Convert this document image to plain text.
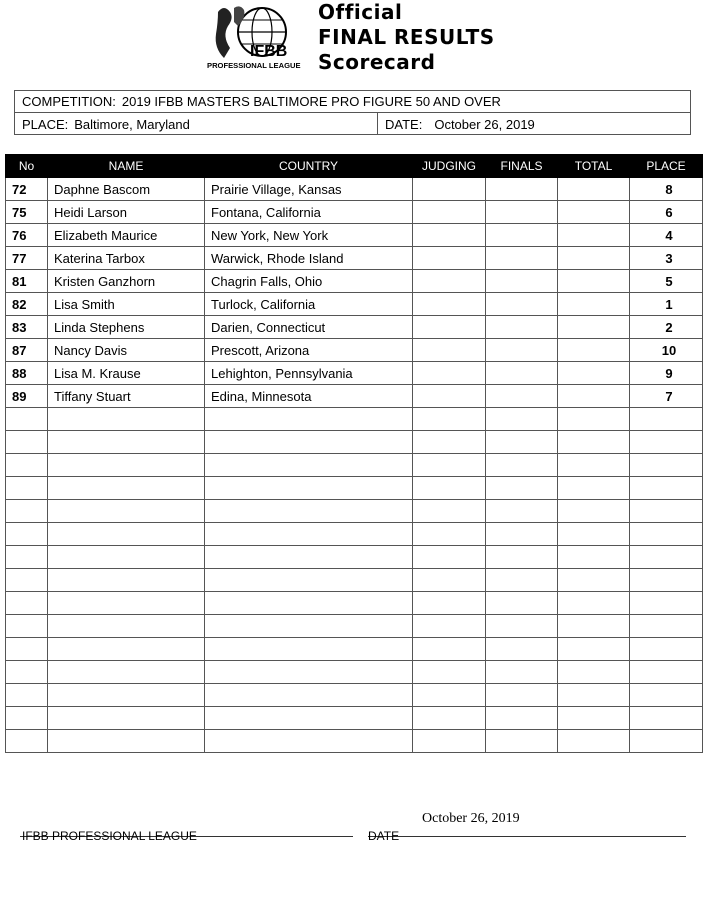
IFBB
PROFESSIONAL LEAGUE
Official
FINAL RESULTS
Scorecard
COMPETITION: 2019 IFBB MASTERS BALTIMORE PRO FIGURE 50 AND OVER
PLACE: Baltimore, Maryland	DATE: October 26, 2019
No	NAME	COUNTRY	JUDGING	FINALS	TOTAL	PLACE
72	Daphne Bascom	Prairie Village, Kansas				8
75	Heidi Larson	Fontana, California				6
76	Elizabeth Maurice	New York, New York				4
77	Katerina Tarbox	Warwick, Rhode Island				3
81	Kristen Ganzhorn	Chagrin Falls, Ohio				5
82	Lisa Smith	Turlock, California				1
83	Linda Stephens	Darien, Connecticut				2
87	Nancy Davis	Prescott, Arizona				10
88	Lisa M. Krause	Lehighton, Pennsylvania				9
89	Tiffany Stuart	Edina, Minnesota				7

IFBB PROFESSIONAL LEAGUE
October 26, 2019
DATE
